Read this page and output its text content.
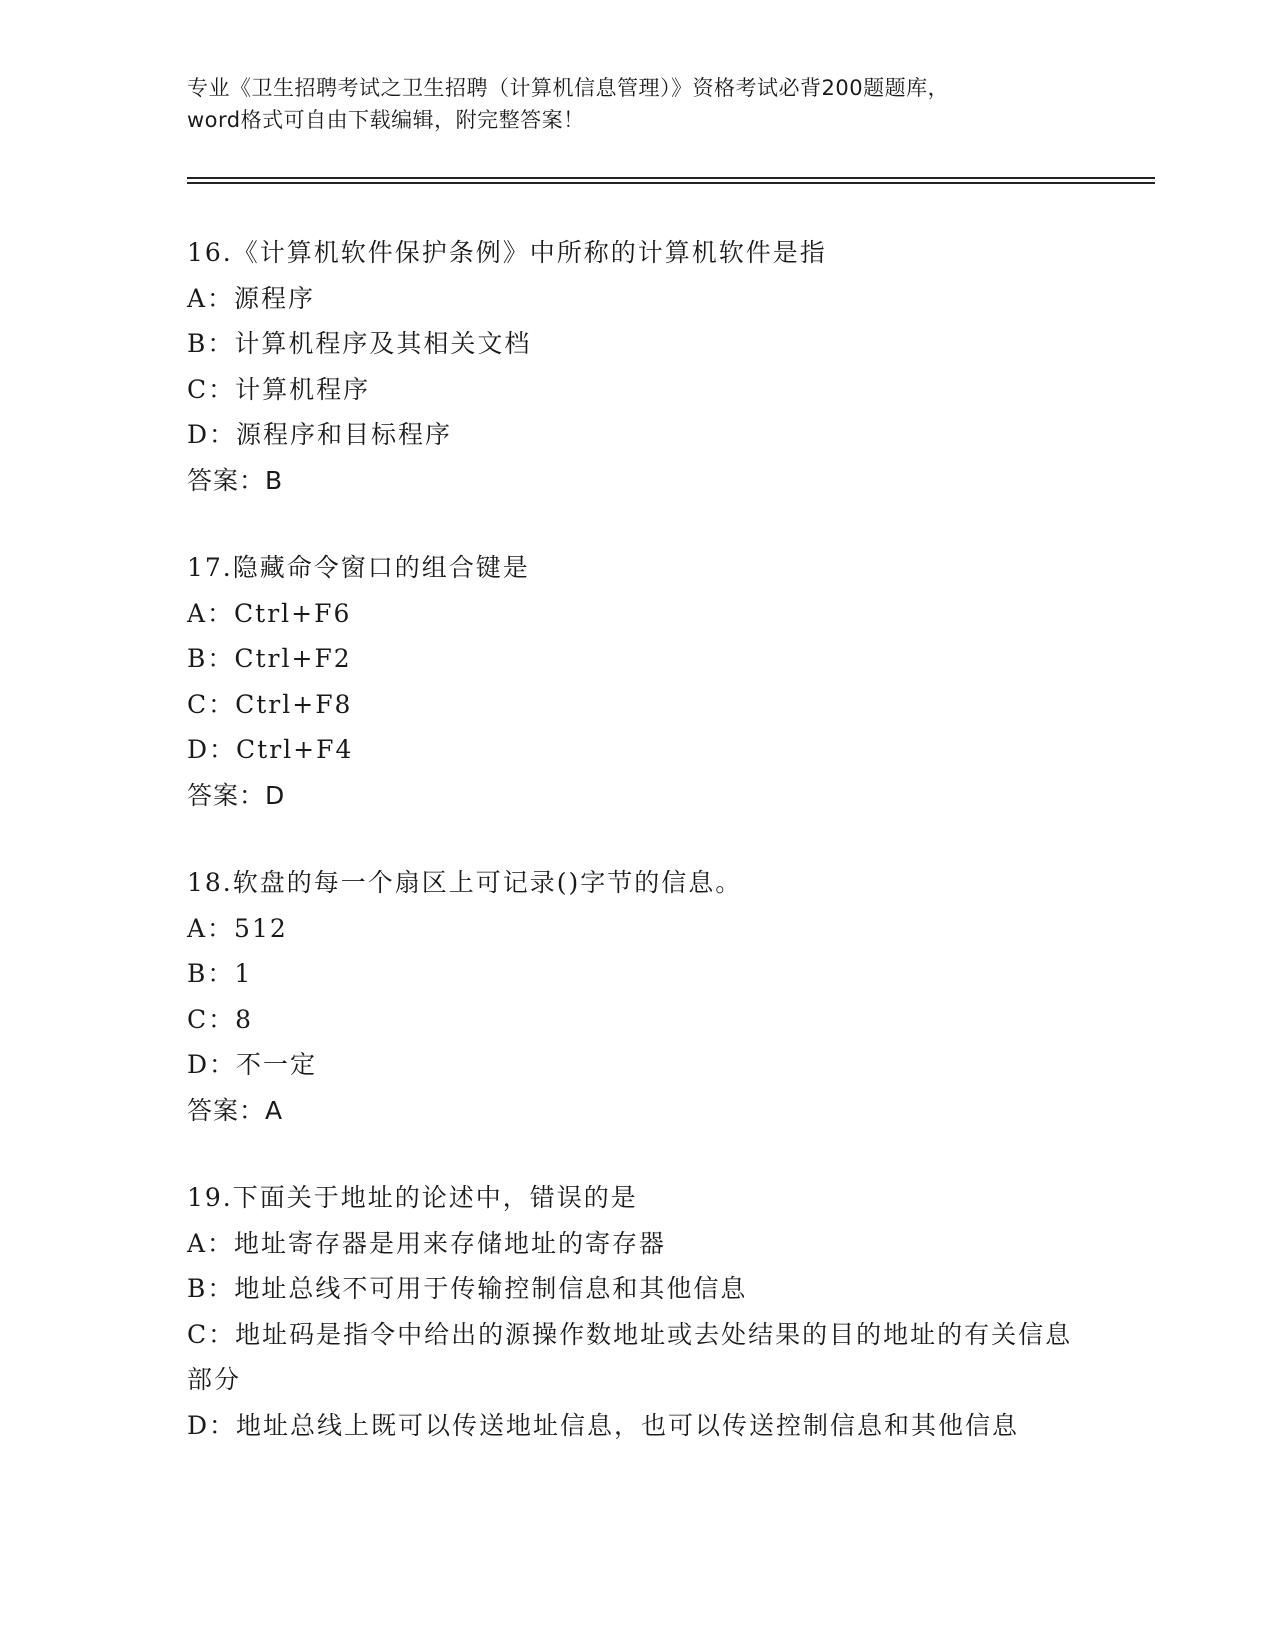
专业《卫生招聘考试之卫生招聘（计算机信息管理）》资格考试必背200题题库，
word格式可自由下载编辑，附完整答案！
16.《计算机软件保护条例》中所称的计算机软件是指
A：源程序
B：计算机程序及其相关文档
C：计算机程序
D：源程序和目标程序
答案：B
17.隐藏命令窗口的组合键是
A：Ctrl+F6
B：Ctrl+F2
C：Ctrl+F8
D：Ctrl+F4
答案：D
18.软盘的每一个扇区上可记录()字节的信息。
A：512
B：1
C：8
D：不一定
答案：A
19.下面关于地址的论述中，错误的是
A：地址寄存器是用来存储地址的寄存器
B：地址总线不可用于传输控制信息和其他信息
C：地址码是指令中给出的源操作数地址或去处结果的目的地址的有关信息部分
D：地址总线上既可以传送地址信息，也可以传送控制信息和其他信息
